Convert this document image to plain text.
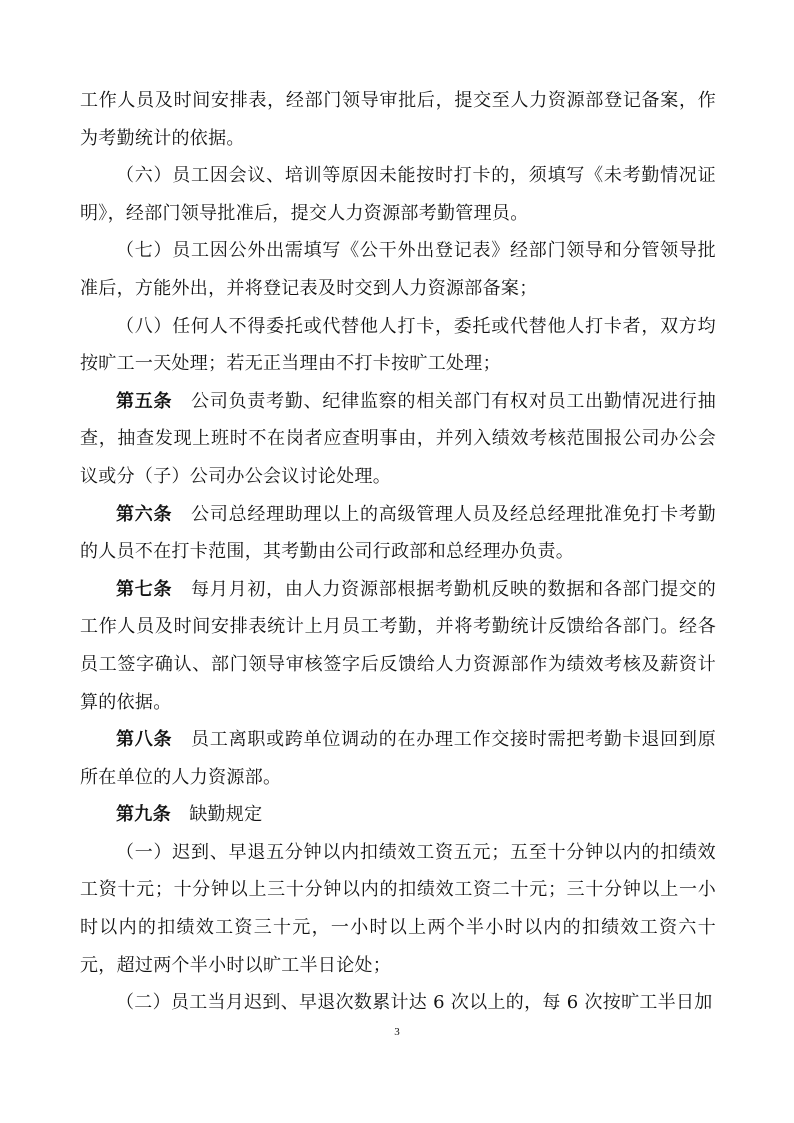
工作人员及时间安排表，经部门领导审批后，提交至人力资源部登记备案，作为考勤统计的依据。

（六）员工因会议、培训等原因未能按时打卡的，须填写《未考勤情况证明》，经部门领导批准后，提交人力资源部考勤管理员。

（七）员工因公外出需填写《公干外出登记表》经部门领导和分管领导批准后，方能外出，并将登记表及时交到人力资源部备案；

（八）任何人不得委托或代替他人打卡，委托或代替他人打卡者，双方均按旷工一天处理；若无正当理由不打卡按旷工处理；

第五条　公司负责考勤、纪律监察的相关部门有权对员工出勤情况进行抽查，抽查发现上班时不在岗者应查明事由，并列入绩效考核范围报公司办公会议或分（子）公司办公会议讨论处理。

第六条　公司总经理助理以上的高级管理人员及经总经理批准免打卡考勤的人员不在打卡范围，其考勤由公司行政部和总经理办负责。

第七条　每月月初，由人力资源部根据考勤机反映的数据和各部门提交的工作人员及时间安排表统计上月员工考勤，并将考勤统计反馈给各部门。经各员工签字确认、部门领导审核签字后反馈给人力资源部作为绩效考核及薪资计算的依据。

第八条　员工离职或跨单位调动的在办理工作交接时需把考勤卡退回到原所在单位的人力资源部。

第九条　缺勤规定

（一）迟到、早退五分钟以内扣绩效工资五元；五至十分钟以内的扣绩效工资十元；十分钟以上三十分钟以内的扣绩效工资二十元；三十分钟以上一小时以内的扣绩效工资三十元，一小时以上两个半小时以内的扣绩效工资六十元，超过两个半小时以旷工半日论处；

（二）员工当月迟到、早退次数累计达 6 次以上的，每 6 次按旷工半日加

3
